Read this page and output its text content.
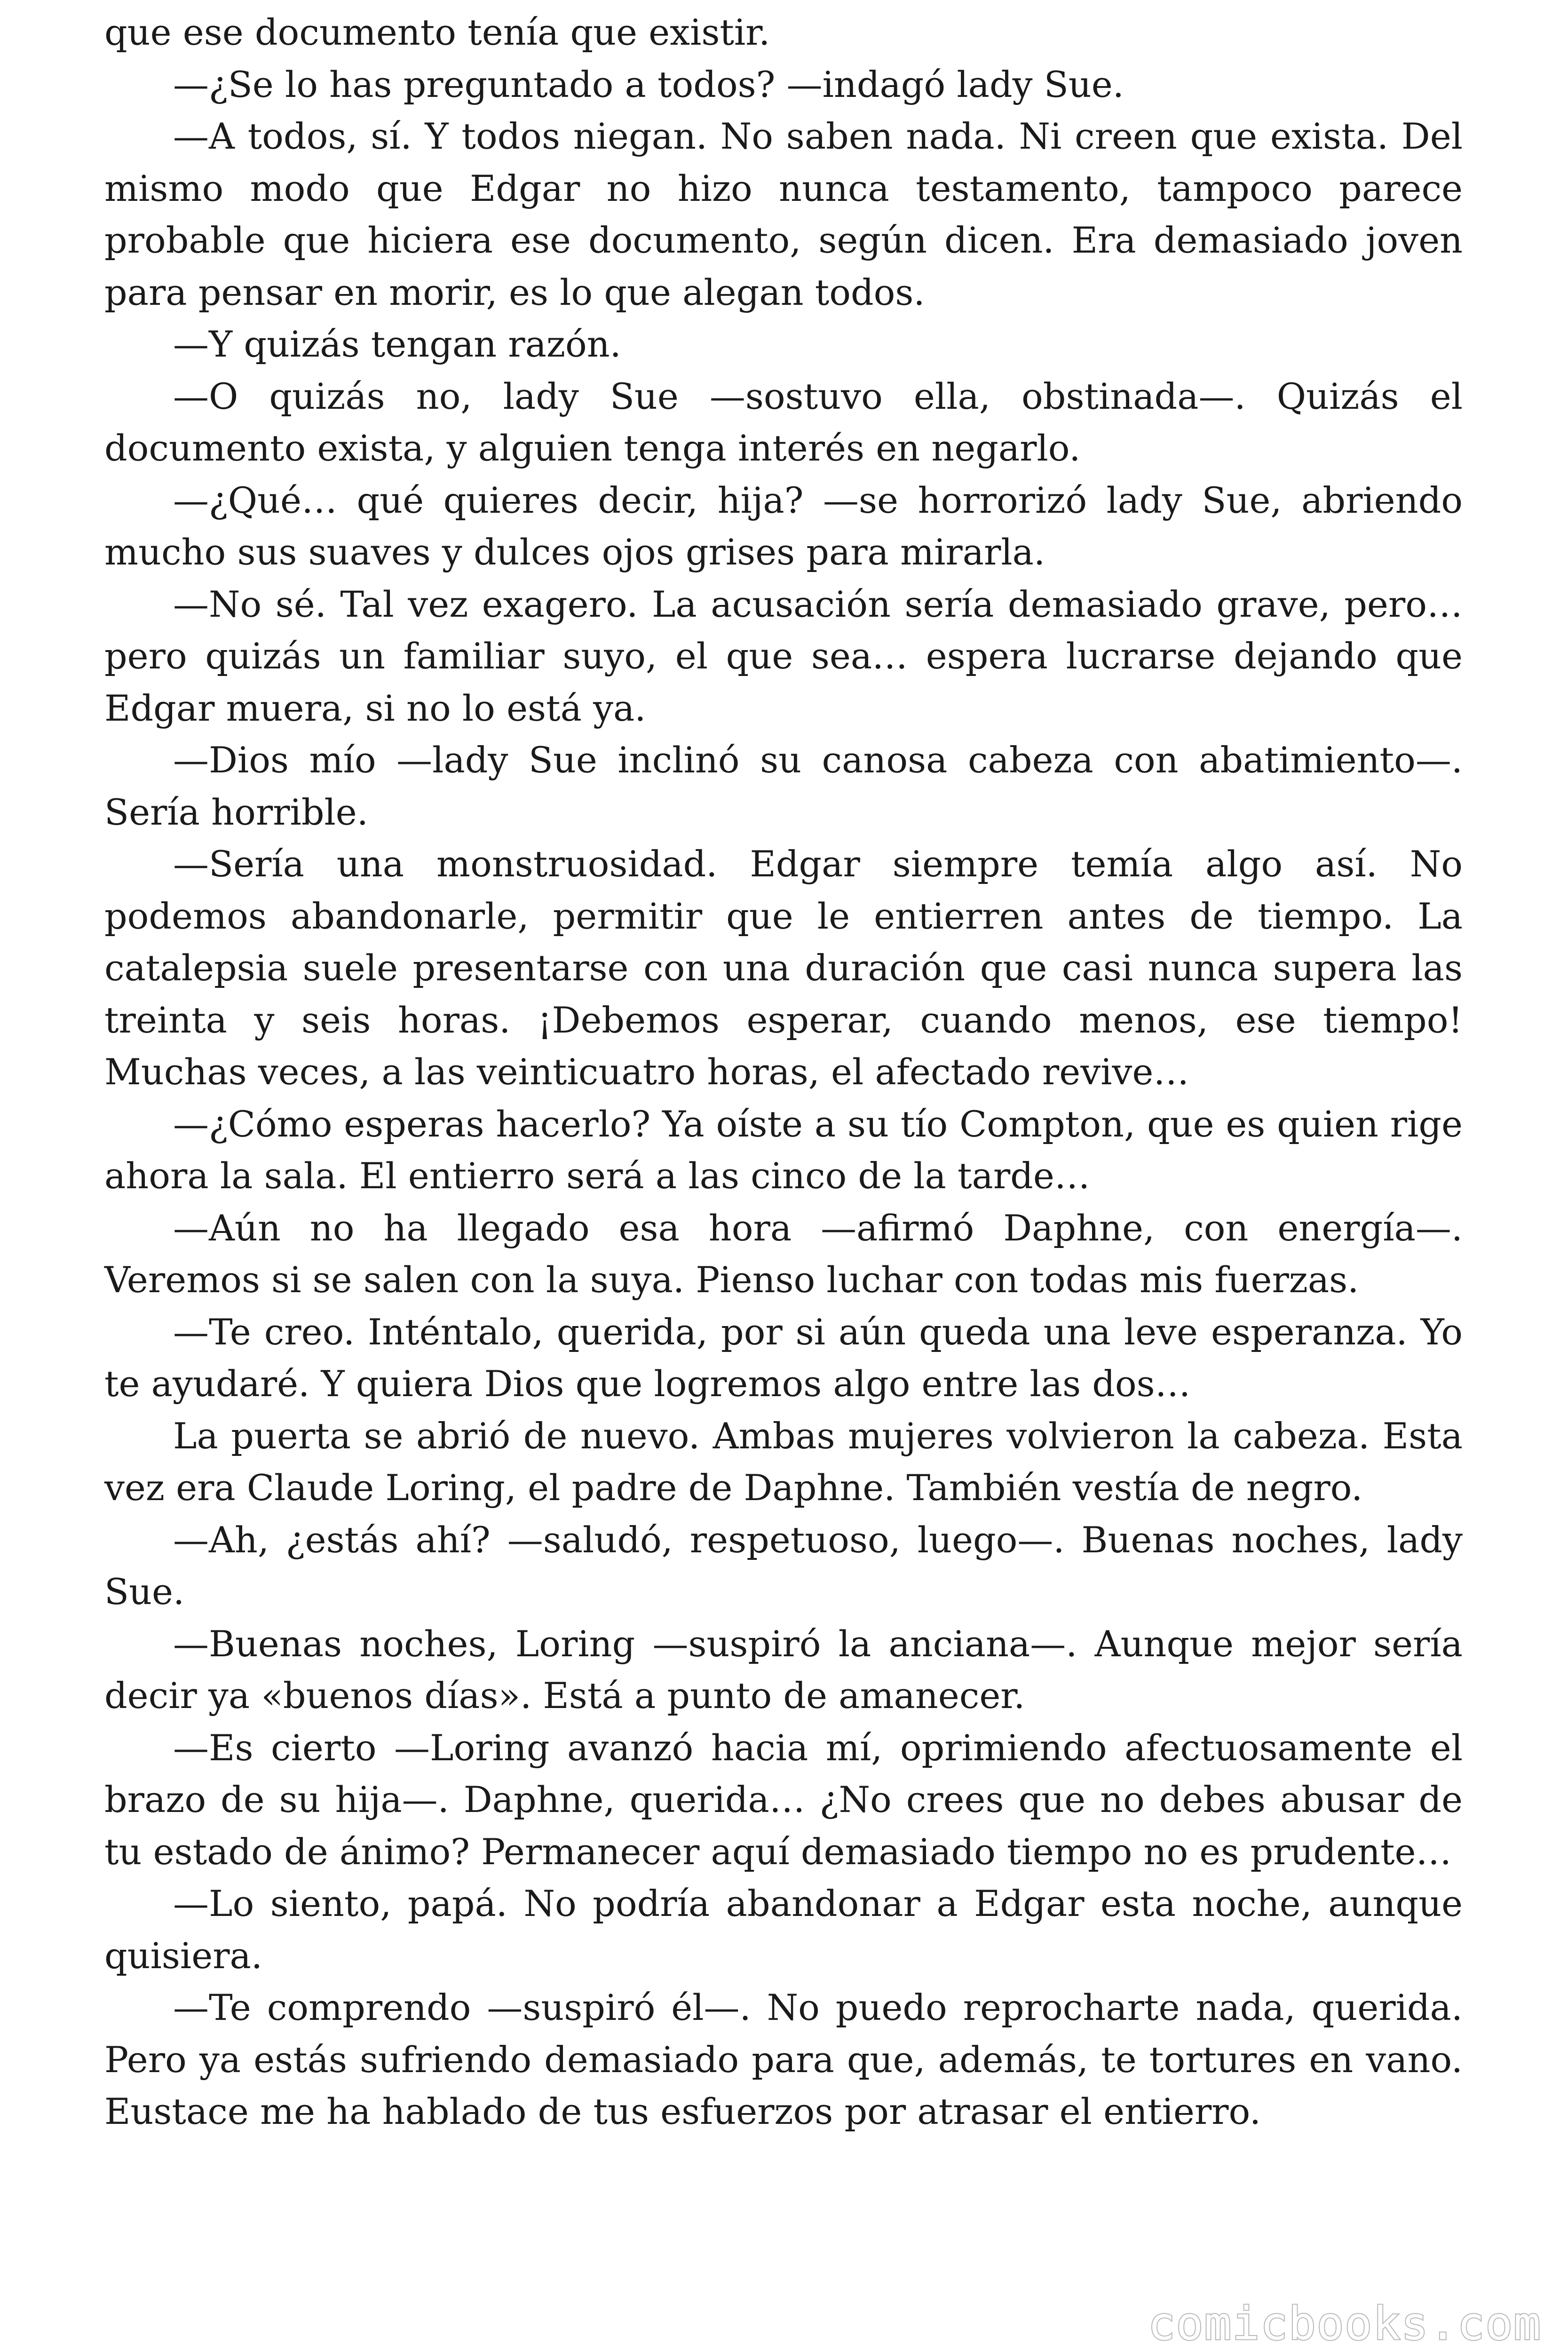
que ese documento tenía que existir.

—¿Se lo has preguntado a todos? —indagó lady Sue.

—A todos, sí. Y todos niegan. No saben nada. Ni creen que exista. Del mismo modo que Edgar no hizo nunca testamento, tampoco parece probable que hiciera ese documento, según dicen. Era demasiado joven para pensar en morir, es lo que alegan todos.

—Y quizás tengan razón.

—O quizás no, lady Sue —sostuvo ella, obstinada—. Quizás el documento exista, y alguien tenga interés en negarlo.

—¿Qué… qué quieres decir, hija? —se horrorizó lady Sue, abriendo mucho sus suaves y dulces ojos grises para mirarla.

—No sé. Tal vez exagero. La acusación sería demasiado grave, pero… pero quizás un familiar suyo, el que sea… espera lucrarse dejando que Edgar muera, si no lo está ya.

—Dios mío —lady Sue inclinó su canosa cabeza con abatimiento—. Sería horrible.

—Sería una monstruosidad. Edgar siempre temía algo así. No podemos abandonarle, permitir que le entierren antes de tiempo. La catalepsia suele presentarse con una duración que casi nunca supera las treinta y seis horas. ¡Debemos esperar, cuando menos, ese tiempo! Muchas veces, a las veinticuatro horas, el afectado revive…

—¿Cómo esperas hacerlo? Ya oíste a su tío Compton, que es quien rige ahora la sala. El entierro será a las cinco de la tarde…

—Aún no ha llegado esa hora —afirmó Daphne, con energía—. Veremos si se salen con la suya. Pienso luchar con todas mis fuerzas.

—Te creo. Inténtalo, querida, por si aún queda una leve esperanza. Yo te ayudaré. Y quiera Dios que logremos algo entre las dos…

La puerta se abrió de nuevo. Ambas mujeres volvieron la cabeza. Esta vez era Claude Loring, el padre de Daphne. También vestía de negro.

—Ah, ¿estás ahí? —saludó, respetuoso, luego—. Buenas noches, lady Sue.

—Buenas noches, Loring —suspiró la anciana—. Aunque mejor sería decir ya «buenos días». Está a punto de amanecer.

—Es cierto —Loring avanzó hacia mí, oprimiendo afectuosamente el brazo de su hija—. Daphne, querida… ¿No crees que no debes abusar de tu estado de ánimo? Permanecer aquí demasiado tiempo no es prudente…

—Lo siento, papá. No podría abandonar a Edgar esta noche, aunque quisiera.

—Te comprendo —suspiró él—. No puedo reprocharte nada, querida. Pero ya estás sufriendo demasiado para que, además, te tortures en vano. Eustace me ha hablado de tus esfuerzos por atrasar el entierro.

comicbooks.com
